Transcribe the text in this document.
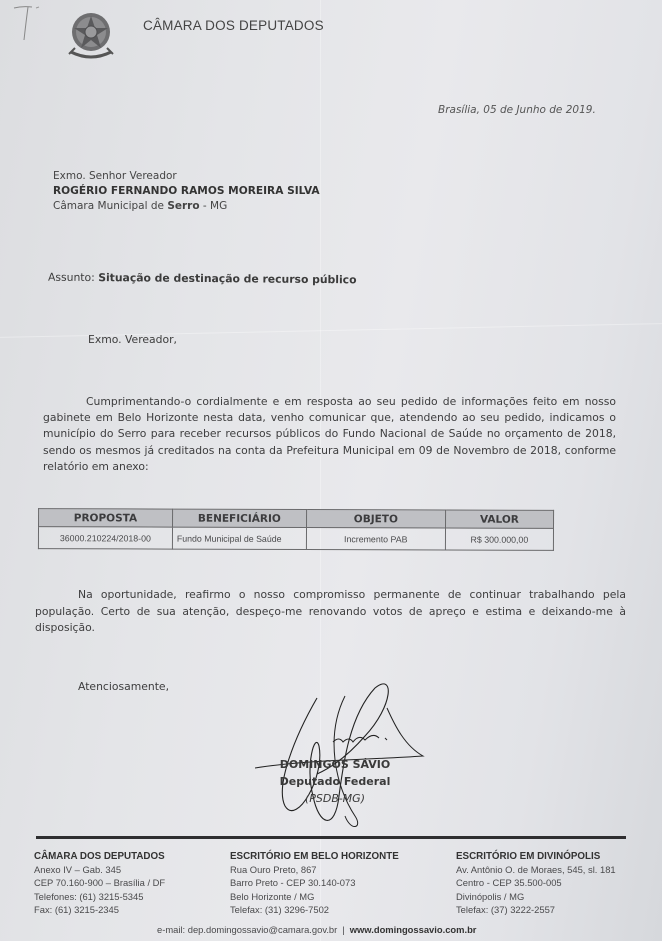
CÂMARA DOS DEPUTADOS
Brasília, 05 de Junho de 2019.
Exmo. Senhor Vereador
ROGÉRIO FERNANDO RAMOS MOREIRA SILVA
Câmara Municipal de Serro - MG
Assunto: Situação de destinação de recurso público
Exmo. Vereador,
Cumprimentando-o cordialmente e em resposta ao seu pedido de informações feito em nosso gabinete em Belo Horizonte nesta data, venho comunicar que, atendendo ao seu pedido, indicamos o município do Serro para receber recursos públicos do Fundo Nacional de Saúde no orçamento de 2018, sendo os mesmos já creditados na conta da Prefeitura Municipal em 09 de Novembro de 2018, conforme relatório em anexo:
PROPOSTA	BENEFICIÁRIO	OBJETO	VALOR
36000.210224/2018-00	Fundo Municipal de Saúde	Incremento PAB	R$ 300.000,00
Na oportunidade, reafirmo o nosso compromisso permanente de continuar trabalhando pela população. Certo de sua atenção, despeço-me renovando votos de apreço e estima e deixando-me à disposição.
Atenciosamente,
DOMINGOS SÁVIO
Deputado Federal
(PSDB-MG)
CÂMARA DOS DEPUTADOS
Anexo IV – Gab. 345
CEP 70.160-900 – Brasília / DF
Telefones: (61) 3215-5345
Fax: (61) 3215-2345
ESCRITÓRIO EM BELO HORIZONTE
Rua Ouro Preto, 867
Barro Preto - CEP 30.140-073
Belo Horizonte / MG
Telefax: (31) 3296-7502
ESCRITÓRIO EM DIVINÓPOLIS
Av. Antônio O. de Moraes, 545, sl. 181
Centro - CEP 35.500-005
Divinópolis / MG
Telefax: (37) 3222-2557
e-mail: dep.domingossavio@camara.gov.br | www.domingossavio.com.br
